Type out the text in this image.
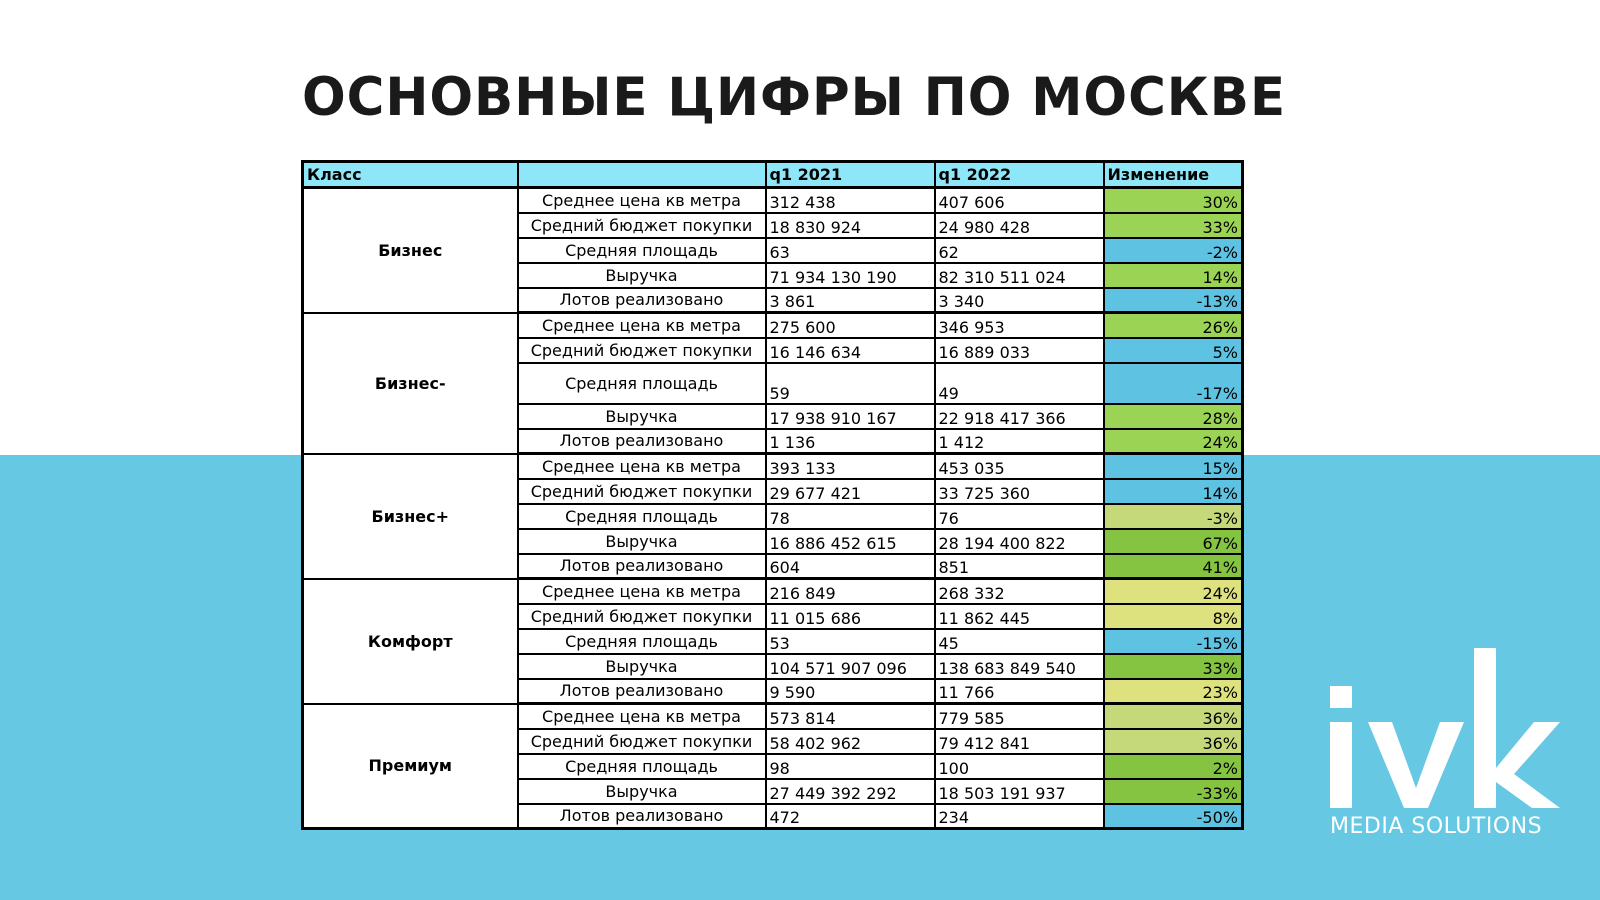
ОСНОВНЫЕ ЦИФРЫ ПО МОСКВЕ
Класс		q1 2021	q1 2022	Изменение
Бизнес	Среднее цена кв метра	312 438	407 606	30%
	Средний бюджет покупки	18 830 924	24 980 428	33%
	Средняя площадь	63	62	-2%
	Выручка	71 934 130 190	82 310 511 024	14%
	Лотов реализовано	3 861	3 340	-13%
Бизнес-	Среднее цена кв метра	275 600	346 953	26%
	Средний бюджет покупки	16 146 634	16 889 033	5%
	Средняя площадь	59	49	-17%
	Выручка	17 938 910 167	22 918 417 366	28%
	Лотов реализовано	1 136	1 412	24%
Бизнес+	Среднее цена кв метра	393 133	453 035	15%
	Средний бюджет покупки	29 677 421	33 725 360	14%
	Средняя площадь	78	76	-3%
	Выручка	16 886 452 615	28 194 400 822	67%
	Лотов реализовано	604	851	41%
Комфорт	Среднее цена кв метра	216 849	268 332	24%
	Средний бюджет покупки	11 015 686	11 862 445	8%
	Средняя площадь	53	45	-15%
	Выручка	104 571 907 096	138 683 849 540	33%
	Лотов реализовано	9 590	11 766	23%
Премиум	Среднее цена кв метра	573 814	779 585	36%
	Средний бюджет покупки	58 402 962	79 412 841	36%
	Средняя площадь	98	100	2%
	Выручка	27 449 392 292	18 503 191 937	-33%
	Лотов реализовано	472	234	-50%	MEDIA SOLUTIONS
